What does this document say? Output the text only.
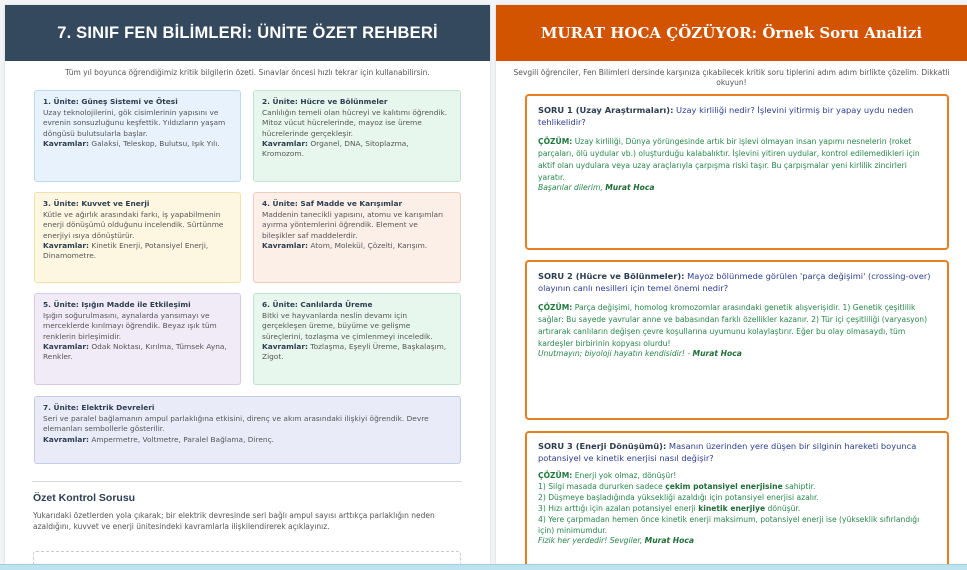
7. SINIF FEN BİLİMLERİ: ÜNİTE ÖZET REHBERİ
Tüm yıl boyunca öğrendiğimiz kritik bilgilerin özeti. Sınavlar öncesi hızlı tekrar için kullanabilirsin.
1. Ünite: Güneş Sistemi ve Ötesi
Uzay teknolojilerini, gök cisimlerinin yapısını ve evrenin sonsuzluğunu keşfettik. Yıldızların yaşam döngüsü bulutsularla başlar.
Kavramlar: Galaksi, Teleskop, Bulutsu, Işık Yılı.
2. Ünite: Hücre ve Bölünmeler
Canlılığın temeli olan hücreyi ve kalıtımı öğrendik. Mitoz vücut hücrelerinde, mayoz ise üreme hücrelerinde gerçekleşir.
Kavramlar: Organel, DNA, Sitoplazma, Kromozom.
3. Ünite: Kuvvet ve Enerji
Kütle ve ağırlık arasındaki farkı, iş yapabilmenin enerji dönüşümü olduğunu incelendik. Sürtünme enerjiyi ısıya dönüştürür.
Kavramlar: Kinetik Enerji, Potansiyel Enerji, Dinamometre.
4. Ünite: Saf Madde ve Karışımlar
Maddenin tanecikli yapısını, atomu ve karışımları ayırma yöntemlerini öğrendik. Element ve bileşikler saf maddelerdir.
Kavramlar: Atom, Molekül, Çözelti, Karışım.
5. Ünite: Işığın Madde ile Etkileşimi
Işığın soğurulmasını, aynalarda yansımayı ve merceklerde kırılmayı öğrendik. Beyaz ışık tüm renklerin birleşimidir.
Kavramlar: Odak Noktası, Kırılma, Tümsek Ayna, Renkler.
6. Ünite: Canlılarda Üreme
Bitki ve hayvanlarda neslin devamı için gerçekleşen üreme, büyüme ve gelişme süreçlerini, tozlaşma ve çimlenmeyi inceledik.
Kavramlar: Tozlaşma, Eşeyli Üreme, Başkalaşım, Zigot.
7. Ünite: Elektrik Devreleri
Seri ve paralel bağlamanın ampul parlaklığına etkisini, direnç ve akım arasındaki ilişkiyi öğrendik. Devre elemanları sembollerle gösterilir.
Kavramlar: Ampermetre, Voltmetre, Paralel Bağlama, Direnç.
Özet Kontrol Sorusu
Yukarıdaki özetlerden yola çıkarak; bir elektrik devresinde seri bağlı ampul sayısı arttıkça parlaklığın neden azaldığını, kuvvet ve enerji ünitesindeki kavramlarla ilişkilendirerek açıklayınız.
MURAT HOCA ÇÖZÜYOR: Örnek Soru Analizi
Sevgili öğrenciler, Fen Bilimleri dersinde karşınıza çıkabilecek kritik soru tiplerini adım adım birlikte çözelim. Dikkatli okuyun!
SORU 1 (Uzay Araştırmaları): Uzay kirliliği nedir? İşlevini yitirmiş bir yapay uydu neden tehlikelidir?
ÇÖZÜM: Uzay kirliliği, Dünya yörüngesinde artık bir işlevi olmayan insan yapımı nesnelerin (roket parçaları, ölü uydular vb.) oluşturduğu kalabalıktır. İşlevini yitiren uydular, kontrol edilemedikleri için aktif olan uydulara veya uzay araçlarıyla çarpışma riski taşır. Bu çarpışmalar yeni kirlilik zincirleri yaratır.
Başarılar dilerim, Murat Hoca
SORU 2 (Hücre ve Bölünmeler): Mayoz bölünmede görülen 'parça değişimi' (crossing-over) olayının canlı nesilleri için temel önemi nedir?
ÇÖZÜM: Parça değişimi, homolog kromozomlar arasındaki genetik alışverişidir. 1) Genetik çeşitlilik sağlar: Bu sayede yavrular anne ve babasından farklı özellikler kazanır. 2) Tür içi çeşitliliği (varyasyon) artırarak canlıların değişen çevre koşullarına uyumunu kolaylaştırır. Eğer bu olay olmasaydı, tüm kardeşler birbirinin kopyası olurdu!
Unutmayın; biyoloji hayatın kendisidir! - Murat Hoca
SORU 3 (Enerji Dönüşümü): Masanın üzerinden yere düşen bir silginin hareketi boyunca potansiyel ve kinetik enerjisi nasıl değişir?
ÇÖZÜM: Enerji yok olmaz, dönüşür!
1) Silgi masada dururken sadece çekim potansiyel enerjisine sahiptir.
2) Düşmeye başladığında yüksekliği azaldığı için potansiyel enerjisi azalır.
3) Hızı arttığı için azalan potansiyel enerji kinetik enerjiye dönüşür.
4) Yere çarpmadan hemen önce kinetik enerji maksimum, potansiyel enerji ise (yükseklik sıfırlandığı için) minimumdur.
Fizik her yerdedir! Sevgiler, Murat Hoca
